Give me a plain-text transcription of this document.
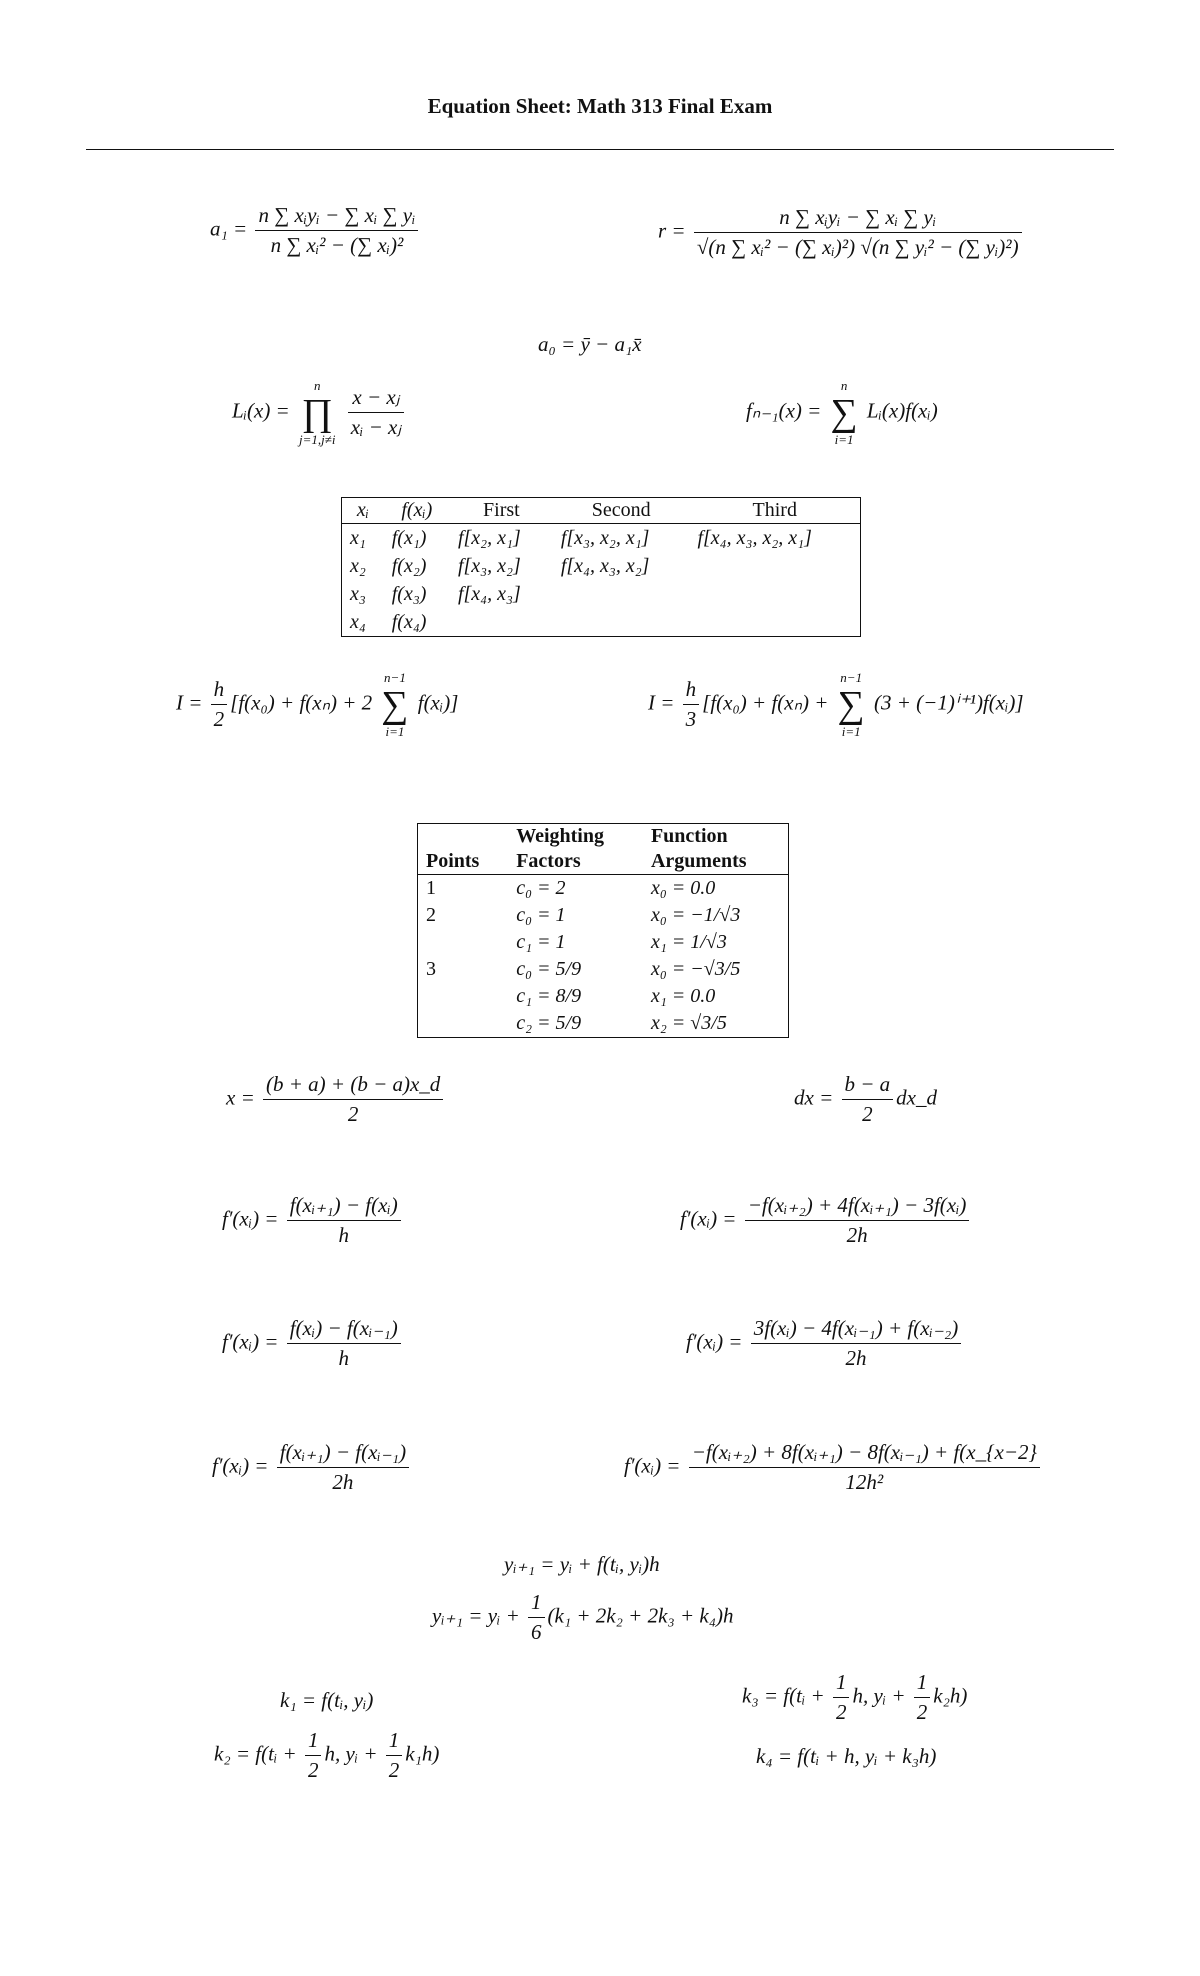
Equation Sheet: Math 313 Final Exam
$a_1 = \frac{\text{n ∑ xᵢyᵢ − ∑ xᵢ ∑ yᵢ}}{\text{n ∑ xᵢ² − (∑ xᵢ)²}}$	$r = \frac{\text{n ∑ xᵢyᵢ − ∑ xᵢ ∑ yᵢ}}{\text{√(n ∑ xᵢ² − (∑ xᵢ)²) √(n ∑ yᵢ² − (∑ yᵢ)²)}}$
a₀ = ȳ − a₁x̄
Lᵢ(x) =
n
∏
j=1,j≠i

$\frac{\text{x − xⱼ}}{\text{xᵢ − xⱼ}}$	fₙ₋₁(x) =
n
∑
i=1
Lᵢ(x)f(xᵢ)
xᵢ	f(xᵢ)	First	Second	Third
x₁	f(x₁)	f[x₂, x₁]	f[x₃, x₂, x₁]	f[x₄, x₃, x₂, x₁]
x₂	f(x₂)	f[x₃, x₂]	f[x₄, x₃, x₂]	
x₃	f(x₃)	f[x₄, x₃]		
x₄	f(x₄)			
$I = \frac{h}{2} [f(x_0) + f(x_n) + 2$
n−1
∑
i=1
f(xᵢ)]	$I = \frac{h}{3} [f(x_0) + f(x_n)$ +
n−1
∑
i=1
(3 + (−1)ⁱ⁺¹)f(xᵢ)]
	Weighting	Function
Points	Factors	Arguments
1	c₀ = 2	x₀ = 0.0
2	c₀ = 1	x₀ = −1/√3
	c₁ = 1	x₁ = 1/√3
3	c₀ = 5/9	x₀ = −√3/5
	c₁ = 8/9	x₁ = 0.0
	c₂ = 5/9	x₂ = √3/5
$x = \frac{(b + a) + (b - a)x\_d}{2}$	dx = $\frac{b - a}{2}$ dx_d
f′(xᵢ) = $\frac{\text{f(xᵢ₊₁) − f(xᵢ)}}{h}$	f′(xᵢ) = $\frac{\text{−f(xᵢ₊₂) + 4f(xᵢ₊₁) − 3f(xᵢ)}}{2h}$
f′(xᵢ) = $\frac{\text{f(xᵢ) − f(xᵢ₋₁)}}{h}$	f′(xᵢ) = $\frac{\text{3f(xᵢ) − 4f(xᵢ₋₁) + f(xᵢ₋₂)}}{2h}$
f′(xᵢ) = $\frac{\text{f(xᵢ₊₁) − f(xᵢ₋₁)}}{2h}$	f′(xᵢ) = $\frac{\text{−f(xᵢ₊₂) + 8f(xᵢ₊₁) − 8f(xᵢ₋₁) + f(x\_\{x−2\}}}{\text{12h²}}$
yᵢ₊₁ = yᵢ + f(tᵢ, yᵢ)h
yᵢ₊₁ = yᵢ + $\frac{1}{6} (k_1 + 2k_2 + 2k_3 + k_4)h$
k₁ = f(tᵢ, yᵢ)
k₂ = f(tᵢ + $\frac{1}{2} h$, yᵢ + $\frac{1}{2} k_1h$)
k₃ = f(tᵢ + $\frac{1}{2} h$, yᵢ + $\frac{1}{2} k_2h$)
k₄ = f(tᵢ + h, yᵢ + k₃h)
